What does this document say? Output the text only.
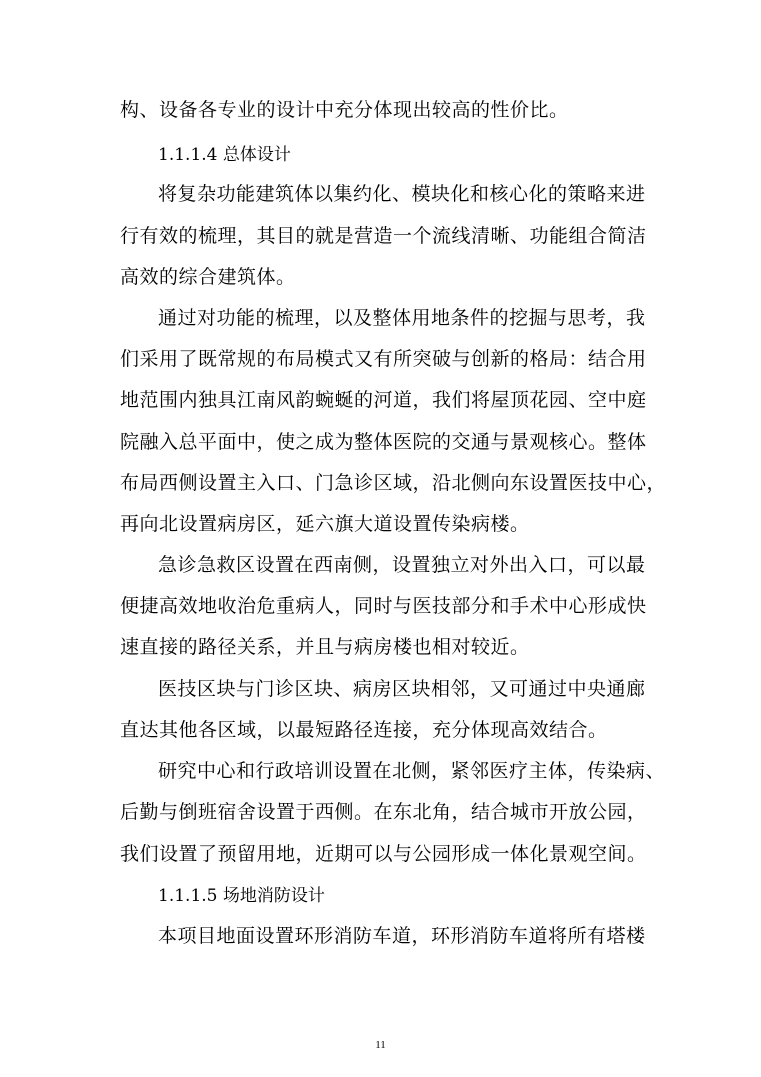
构、设备各专业的设计中充分体现出较高的性价比。
1.1.1.4 总体设计
将复杂功能建筑体以集约化、模块化和核心化的策略来进
行有效的梳理，其目的就是营造一个流线清晰、功能组合简洁
高效的综合建筑体。
通过对功能的梳理，以及整体用地条件的挖掘与思考，我
们采用了既常规的布局模式又有所突破与创新的格局：结合用
地范围内独具江南风韵蜿蜒的河道，我们将屋顶花园、空中庭
院融入总平面中，使之成为整体医院的交通与景观核心。整体
布局西侧设置主入口、门急诊区域，沿北侧向东设置医技中心，
再向北设置病房区，延六旗大道设置传染病楼。
急诊急救区设置在西南侧，设置独立对外出入口，可以最
便捷高效地收治危重病人，同时与医技部分和手术中心形成快
速直接的路径关系，并且与病房楼也相对较近。
医技区块与门诊区块、病房区块相邻，又可通过中央通廊
直达其他各区域，以最短路径连接，充分体现高效结合。
研究中心和行政培训设置在北侧，紧邻医疗主体，传染病、
后勤与倒班宿舍设置于西侧。在东北角，结合城市开放公园，
我们设置了预留用地，近期可以与公园形成一体化景观空间。
1.1.1.5 场地消防设计
本项目地面设置环形消防车道，环形消防车道将所有塔楼
11
